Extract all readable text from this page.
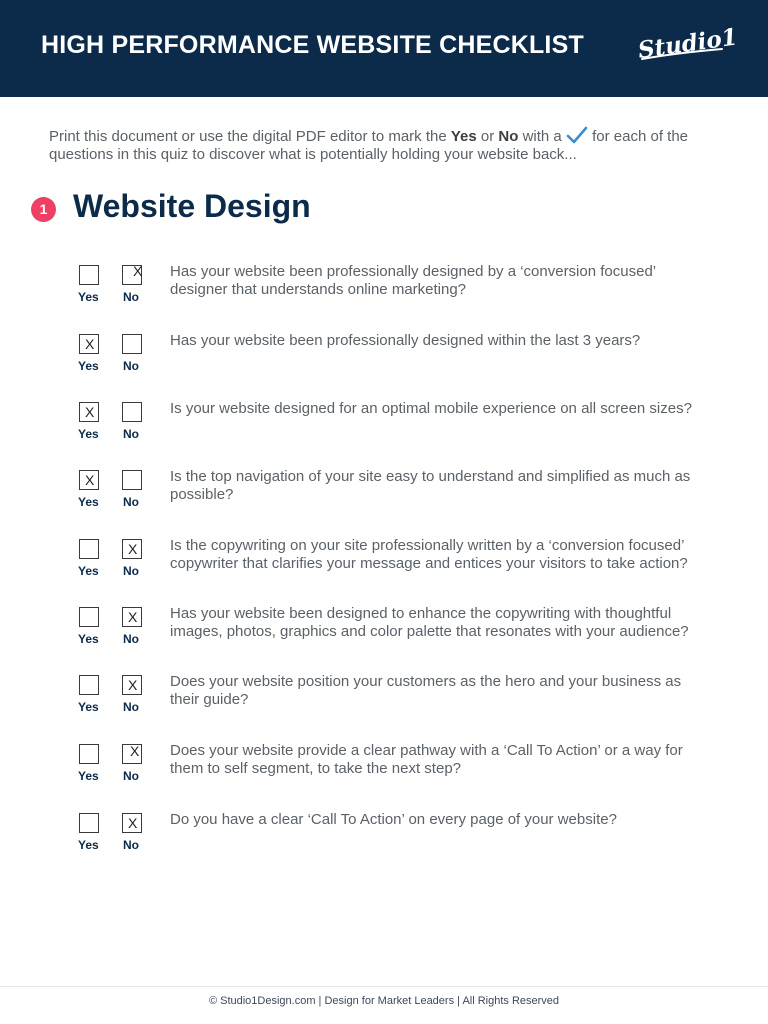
HIGH PERFORMANCE WEBSITE CHECKLIST Studio1
Print this document or use the digital PDF editor to mark the Yes or No with a  for each of the questions in this quiz to discover what is potentially holding your website back...
1 Website Design
X
Yes No
Has your website been professionally designed by a ‘conversion focused’ designer that understands online marketing?
X
Yes No
Has your website been professionally designed within the last 3 years?
X
Yes No
Is your website designed for an optimal mobile experience on all screen sizes?
X
Yes No
Is the top navigation of your site easy to understand and simplified as much as possible?
X
Yes No
Is the copywriting on your site professionally written by a ‘conversion focused’ copywriter that clarifies your message and entices your visitors to take action?
X
Yes No
Has your website been designed to enhance the copywriting with thoughtful images, photos, graphics and color palette that resonates with your audience?
X
Yes No
Does your website position your customers as the hero and your business as their guide?
X
Yes No
Does your website provide a clear pathway with a ‘Call To Action’ or a way for them to self segment, to take the next step?
X
Yes No
Do you have a clear ‘Call To Action’ on every page of your website?
© Studio1Design.com | Design for Market Leaders | All Rights Reserved
